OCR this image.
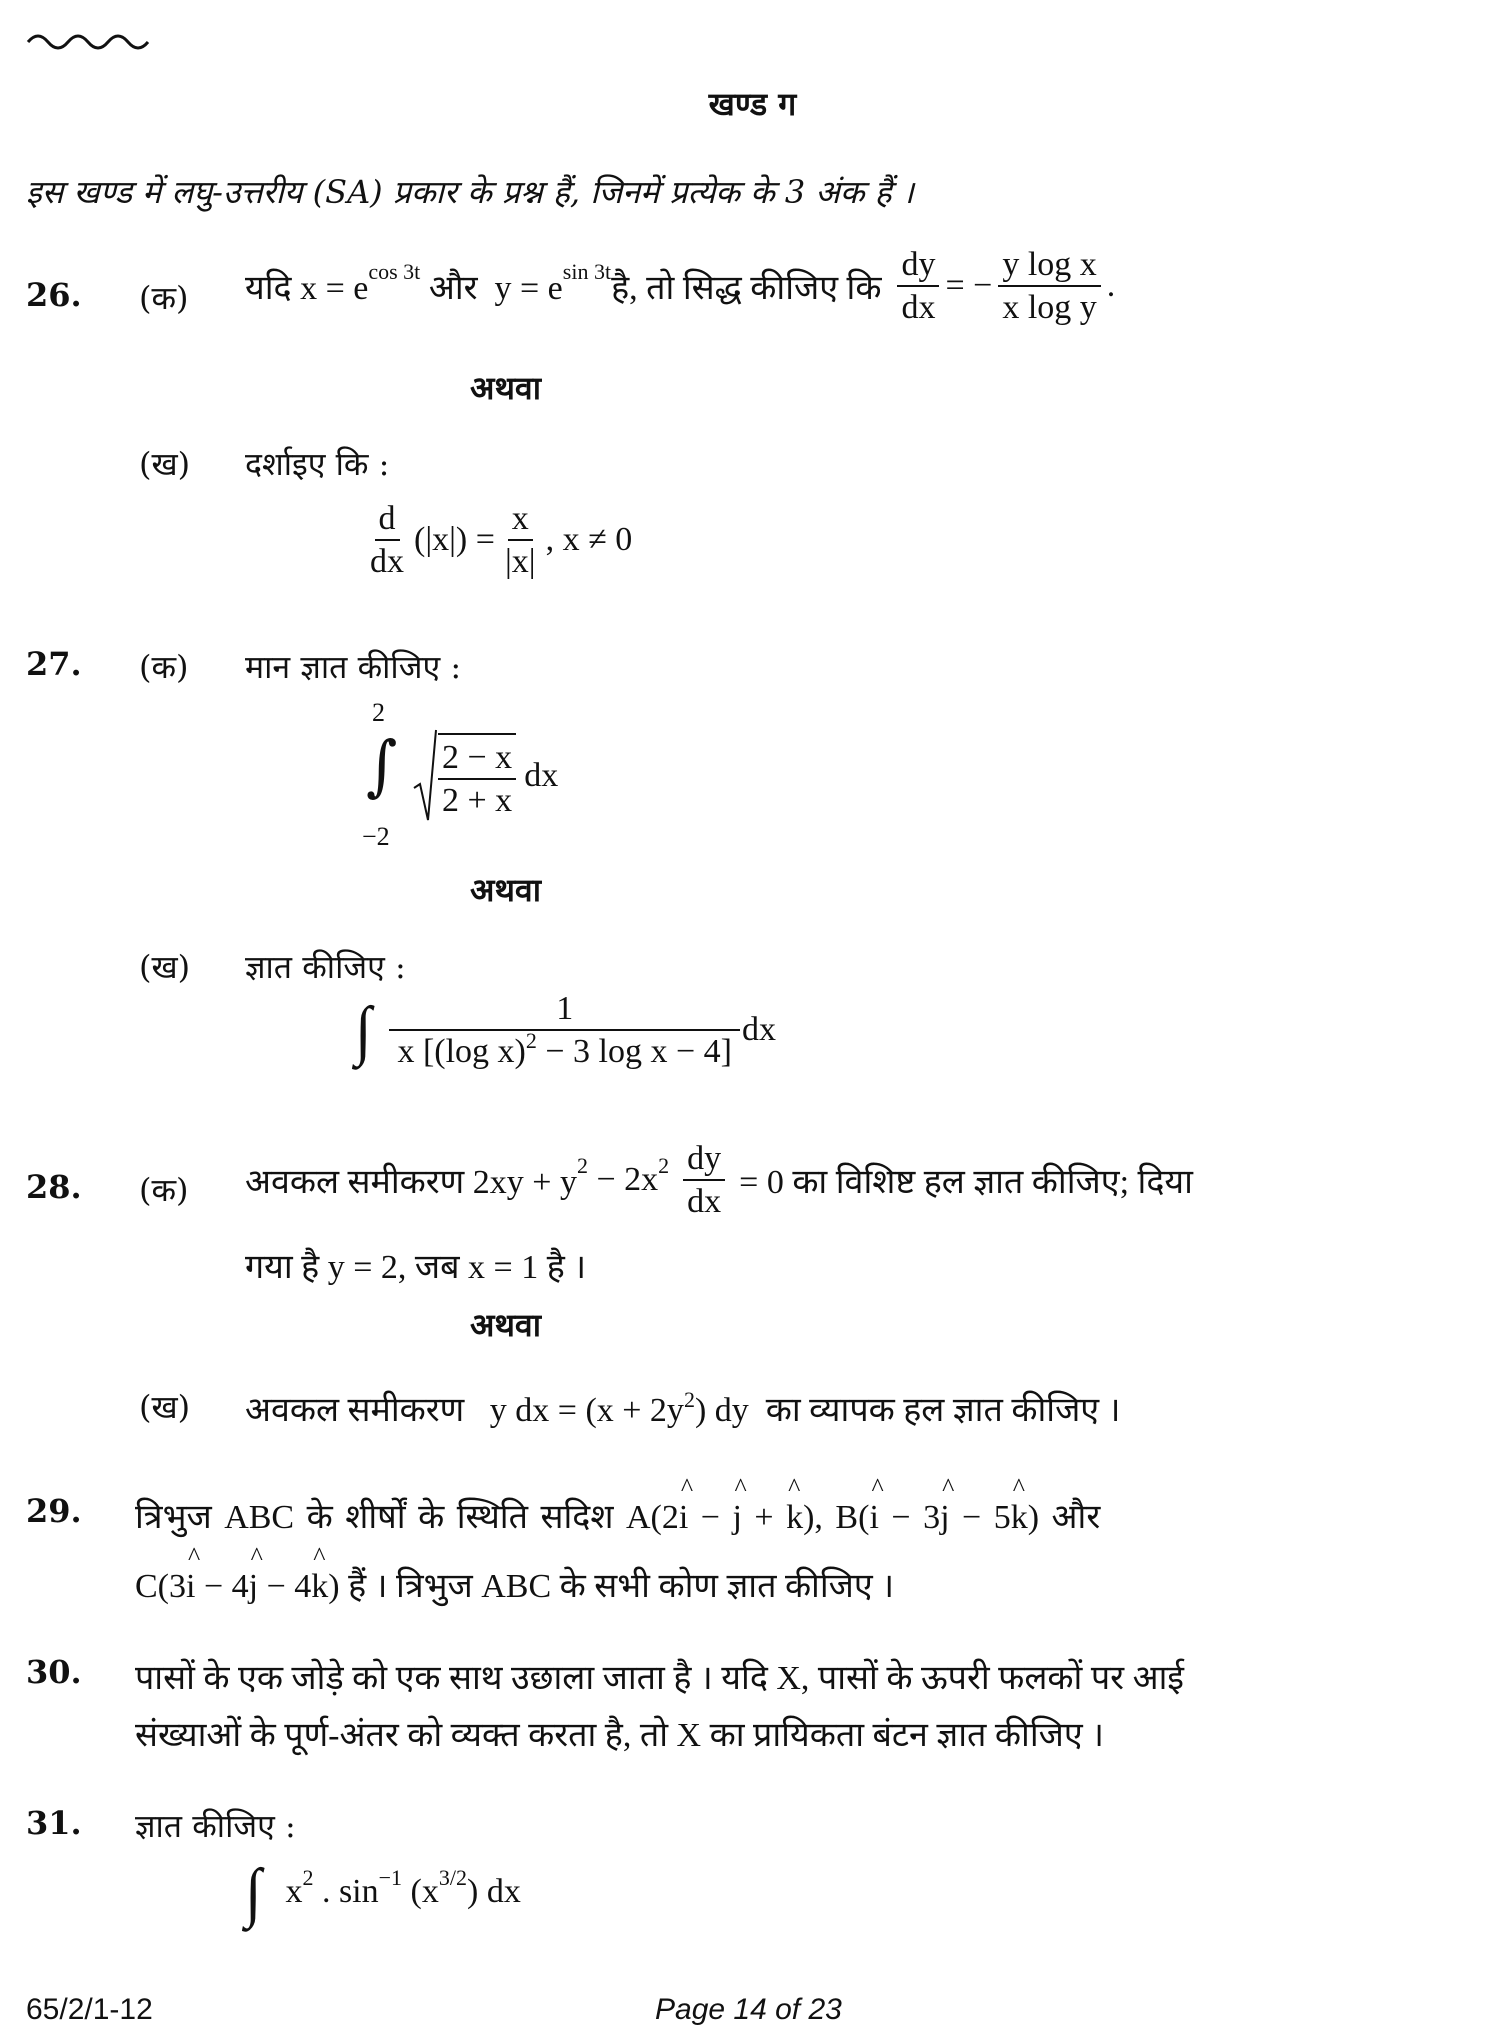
खण्ड ग
इस खण्ड में लघु-उत्तरीय (SA) प्रकार के प्रश्न हैं, जिनमें प्रत्येक के 3 अंक हैं ।
26. (क) यदि $x = e^{cos 3t}$ और  $y = e^{sin 3t}$ है, तो सिद्ध कीजिए कि $\frac{dy}{dx}$ = − $\frac{\text{y log x}}{\text{x log y}}$ .
अथवा
(ख) दर्शाइए कि :
$\frac{d}{dx} (|x|) = \frac{x}{|x|}$ , x ≠ 0
27. (क) मान ज्ञात कीजिए :
2
∫
−2
$\frac{2 - x}{2 + x}$ dx
अथवा
(ख) ज्ञात कीजिए :
∫ $\frac{1}{x [(\log x)^2 - 3 \log x - 4]}$ dx
28. (क) अवकल समीकरण $2xy + y^2 - 2x^2 \frac{dy}{dx} = 0$ का विशिष्ट हल ज्ञात कीजिए; दिया
गया है y = 2, जब x = 1 है ।
अथवा
(ख) अवकल समीकरण   y dx = $(x + 2y^2)$ dy  का व्यापक हल ज्ञात कीजिए ।
29. त्रिभुज ABC के शीर्षों के स्थिति सदिश A(2^ i − ^ j + ^ k), B(^ i − 3^ j − 5^ k) और
C(3^ i − 4^ j − 4^ k) हैं । त्रिभुज ABC के सभी कोण ज्ञात कीजिए ।
30. पासों के एक जोड़े को एक साथ उछाला जाता है । यदि X, पासों के ऊपरी फलकों पर आई
संख्याओं के पूर्ण-अंतर को व्यक्त करता है, तो X का प्रायिकता बंटन ज्ञात कीजिए ।
31. ज्ञात कीजिए :
∫ $x^2$ . $\sin^{-1} (x^{3/2}$ ) dx
65/2/1-12	Page 14 of 23
